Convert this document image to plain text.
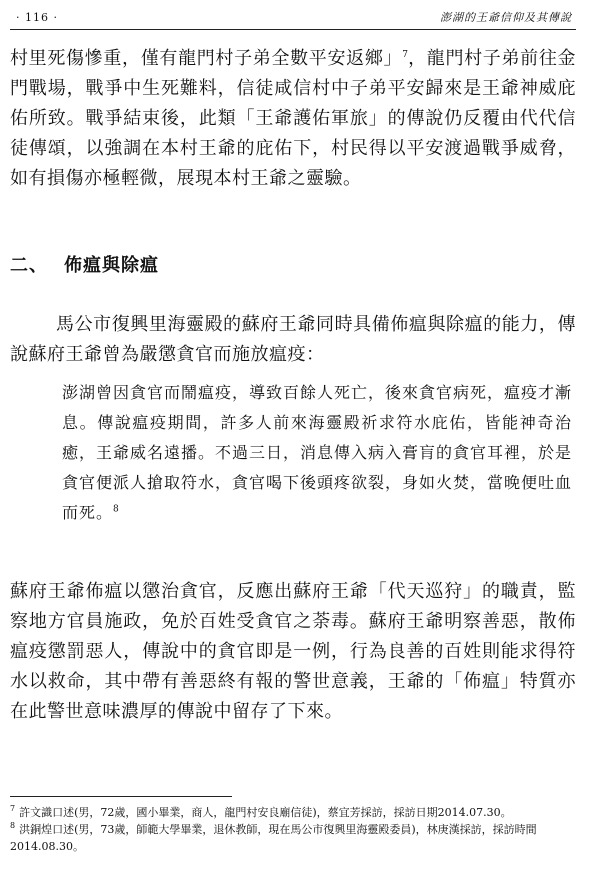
· 116 ·	澎湖的王爺信仰及其傳說

村里死傷慘重，僅有龍門村子弟全數平安返鄉」$^7$，龍門村子弟前往金門戰場，戰爭中生死難料，信徒咸信村中子弟平安歸來是王爺神威庇佑所致。戰爭結束後，此類「王爺護佑軍旅」的傳說仍反覆由代代信徒傳頌，以強調在本村王爺的庇佑下，村民得以平安渡過戰爭威脅，如有損傷亦極輕微，展現本村王爺之靈驗。

二、 佈瘟與除瘟

馬公市復興里海靈殿的蘇府王爺同時具備佈瘟與除瘟的能力，傳說蘇府王爺曾為嚴懲貪官而施放瘟疫：

澎湖曾因貪官而鬧瘟疫，導致百餘人死亡，後來貪官病死，瘟疫才漸息。傳說瘟疫期間，許多人前來海靈殿祈求符水庇佑，皆能神奇治癒，王爺威名遠播。不過三日，消息傳入病入膏肓的貪官耳裡，於是貪官便派人搶取符水，貪官喝下後頭疼欲裂，身如火焚，當晚便吐血而死。$^8$

蘇府王爺佈瘟以懲治貪官，反應出蘇府王爺「代天巡狩」的職責，監察地方官員施政，免於百姓受貪官之荼毒。蘇府王爺明察善惡，散佈瘟疫懲罰惡人，傳說中的貪官即是一例，行為良善的百姓則能求得符水以救命，其中帶有善惡終有報的警世意義，王爺的「佈瘟」特質亦在此警世意味濃厚的傳說中留存了下來。

$^7$ 許文識口述(男，72歲，國小畢業，商人，龍門村安良廟信徒)，蔡宜芳採訪，採訪日期2014.07.30。
$^8$ 洪銅煌口述(男，73歲，師範大學畢業，退休教師，現在馬公市復興里海靈殿委員)，林庚漢採訪，採訪時間2014.08.30。
